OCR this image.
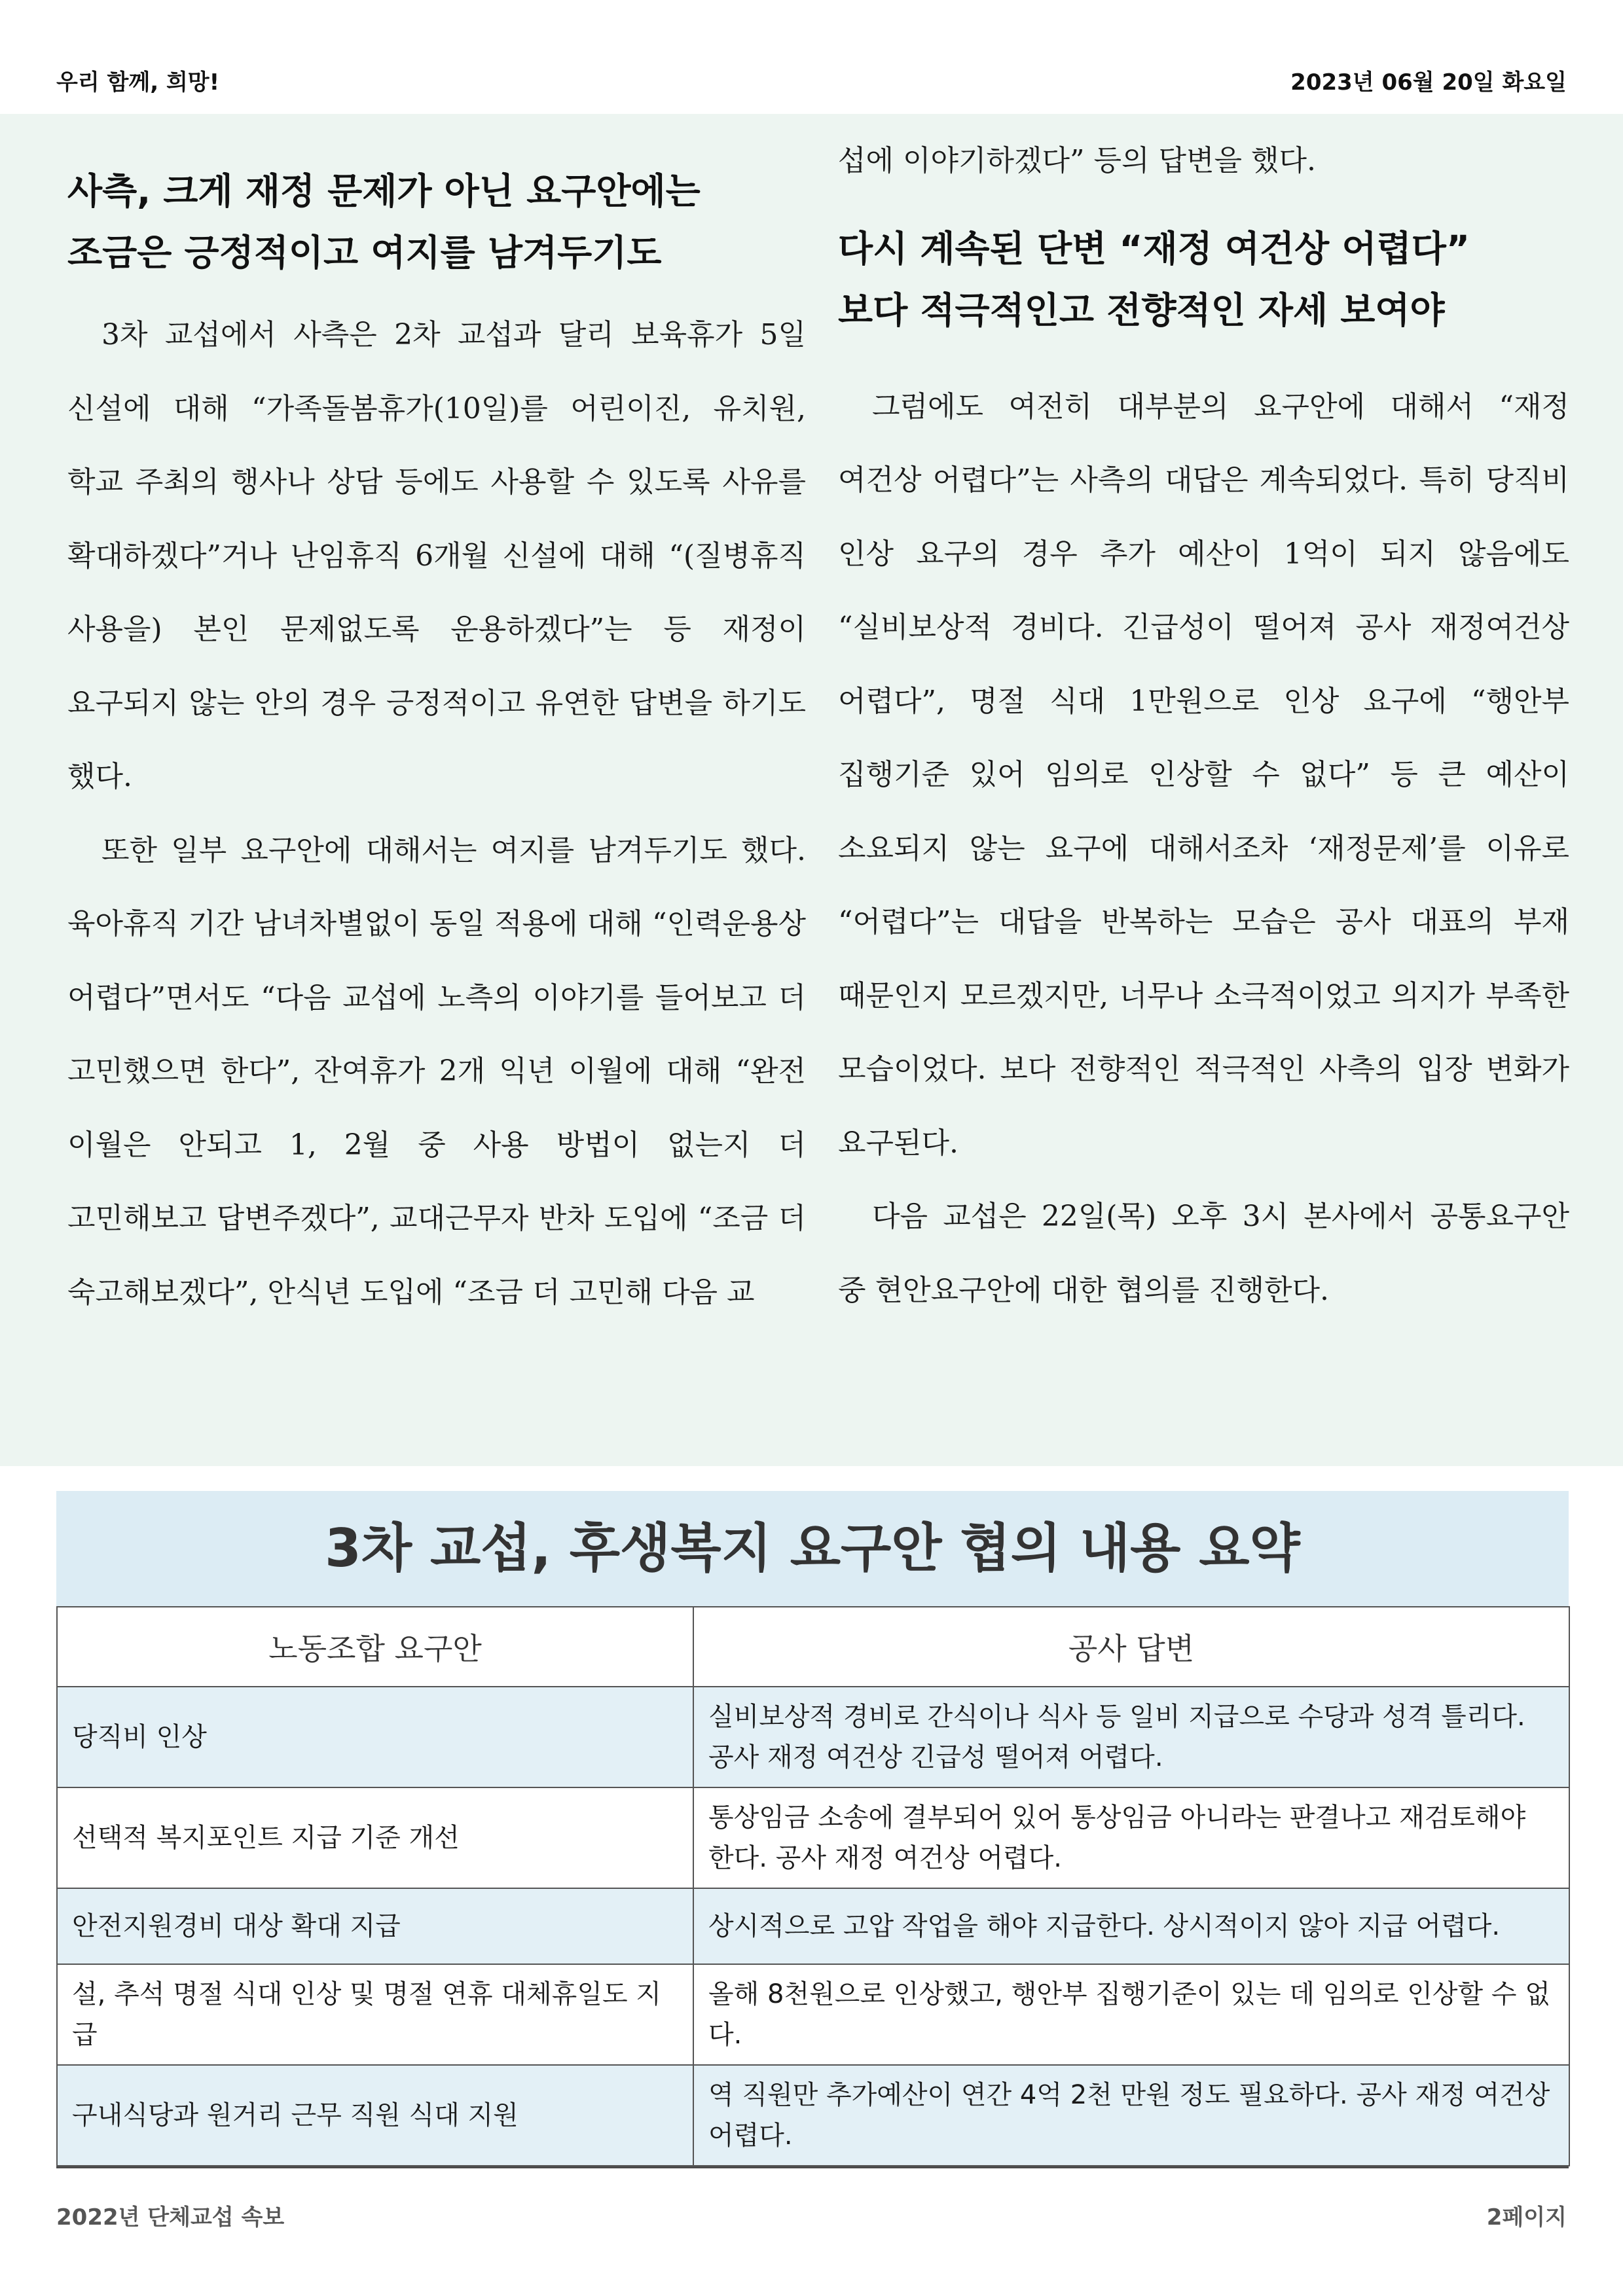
우리 함께, 희망!	2023년 06월 20일 화요일

사측, 크게 재정 문제가 아닌 요구안에는

조금은 긍정적이고 여지를 남겨두기도

3차 교섭에서 사측은 2차 교섭과 달리 보육휴가 5일 신설에 대해 “가족돌봄휴가(10일)를 어린이진, 유치원, 학교 주최의 행사나 상담 등에도 사용할 수 있도록 사유를 확대하겠다”거나 난임휴직 6개월 신설에 대해 “(질병휴직 사용을) 본인 문제없도록 운용하겠다”는 등 재정이 요구되지 않는 안의 경우 긍정적이고 유연한 답변을 하기도 했다.

또한 일부 요구안에 대해서는 여지를 남겨두기도 했다. 육아휴직 기간 남녀차별없이 동일 적용에 대해 “인력운용상 어렵다”면서도 “다음 교섭에 노측의 이야기를 들어보고 더 고민했으면 한다”, 잔여휴가 2개 익년 이월에 대해 “완전 이월은 안되고 1, 2월 중 사용 방법이 없는지 더 고민해보고 답변주겠다”, 교대근무자 반차 도입에 “조금 더 숙고해보겠다”, 안식년 도입에 “조금 더 고민해 다음 교

섭에 이야기하겠다” 등의 답변을 했다.

다시 계속된 단변 “재정 여건상 어렵다”

보다 적극적인고 전향적인 자세 보여야

그럼에도 여전히 대부분의 요구안에 대해서 “재정 여건상 어렵다”는 사측의 대답은 계속되었다. 특히 당직비 인상 요구의 경우 추가 예산이 1억이 되지 않음에도 “실비보상적 경비다. 긴급성이 떨어져 공사 재정여건상 어렵다”, 명절 식대 1만원으로 인상 요구에 “행안부 집행기준 있어 임의로 인상할 수 없다” 등 큰 예산이 소요되지 않는 요구에 대해서조차 ‘재정문제’를 이유로 “어렵다”는 대답을 반복하는 모습은 공사 대표의 부재 때문인지 모르겠지만, 너무나 소극적이었고 의지가 부족한 모습이었다. 보다 전향적인 적극적인 사측의 입장 변화가 요구된다.

다음 교섭은 22일(목) 오후 3시 본사에서 공통요구안 중 현안요구안에 대한 협의를 진행한다.

3차 교섭, 후생복지 요구안 협의 내용 요약
노동조합 요구안	공사 답변
당직비 인상	실비보상적 경비로 간식이나 식사 등 일비 지급으로 수당과 성격 틀리다. 공사 재정 여건상 긴급성 떨어져 어렵다.
선택적 복지포인트 지급 기준 개선	통상임금 소송에 결부되어 있어 통상임금 아니라는 판결나고 재검토해야 한다. 공사 재정 여건상 어렵다.
안전지원경비 대상 확대 지급	상시적으로 고압 작업을 해야 지급한다. 상시적이지 않아 지급 어렵다.
설, 추석 명절 식대 인상 및 명절 연휴 대체휴일도 지급	올해 8천원으로 인상했고, 행안부 집행기준이 있는 데 임의로 인상할 수 없다.
구내식당과 원거리 근무 직원 식대 지원	역 직원만 추가예산이 연간 4억 2천 만원 정도 필요하다. 공사 재정 여건상 어렵다.
2022년 단체교섭 속보	2페이지
